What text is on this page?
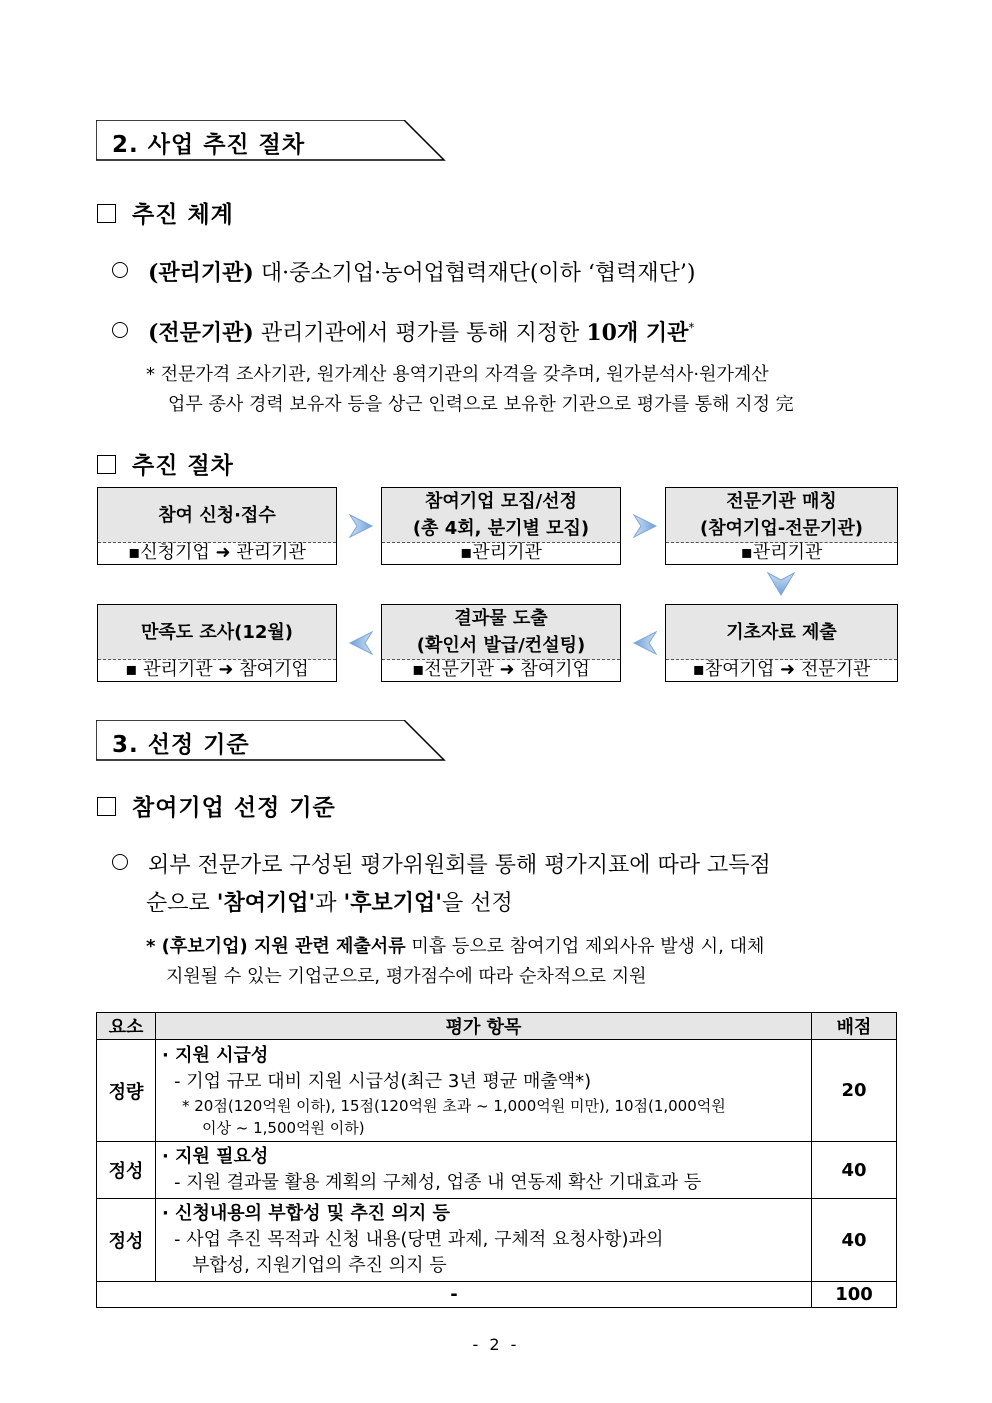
2. 사업 추진 절차
추진 체계
(관리기관) 대·중소기업·농어업협력재단(이하 ‘협력재단’)
(전문기관) 관리기관에서 평가를 통해 지정한 10개 기관*
* 전문가격 조사기관, 원가계산 용역기관의 자격을 갖추며, 원가분석사·원가계산
업무 종사 경력 보유자 등을 상근 인력으로 보유한 기관으로 평가를 통해 지정 完
추진 절차
참여 신청·접수
▪신청기업 ➜ 관리기관
참여기업 모집/선정
(총 4회, 분기별 모집)
▪관리기관
전문기관 매칭
(참여기업-전문기관)
▪관리기관
기초자료 제출
▪참여기업 ➜ 전문기관
결과물 도출
(확인서 발급/컨설팅)
▪전문기관 ➜ 참여기업
만족도 조사(12월)
▪ 관리기관 ➜ 참여기업
3. 선정 기준
참여기업 선정 기준
외부 전문가로 구성된 평가위원회를 통해 평가지표에 따라 고득점
순으로 '참여기업'과 '후보기업'을 선정
* (후보기업) 지원 관련 제출서류 미흡 등으로 참여기업 제외사유 발생 시, 대체
지원될 수 있는 기업군으로, 평가점수에 따라 순차적으로 지원
요소	평가 항목	배점
정량	· 지원 시급성
- 기업 규모 대비 지원 시급성(최근 3년 평균 매출액*)
* 20점(120억원 이하), 15점(120억원 초과 ~ 1,000억원 미만), 10점(1,000억원
이상 ~ 1,500억원 이하)	20
정성	· 지원 필요성
- 지원 결과물 활용 계획의 구체성, 업종 내 연동제 확산 기대효과 등	40
정성	· 신청내용의 부합성 및 추진 의지 등
- 사업 추진 목적과 신청 내용(당면 과제, 구체적 요청사항)과의
부합성, 지원기업의 추진 의지 등	40
-		100
- 2 -
